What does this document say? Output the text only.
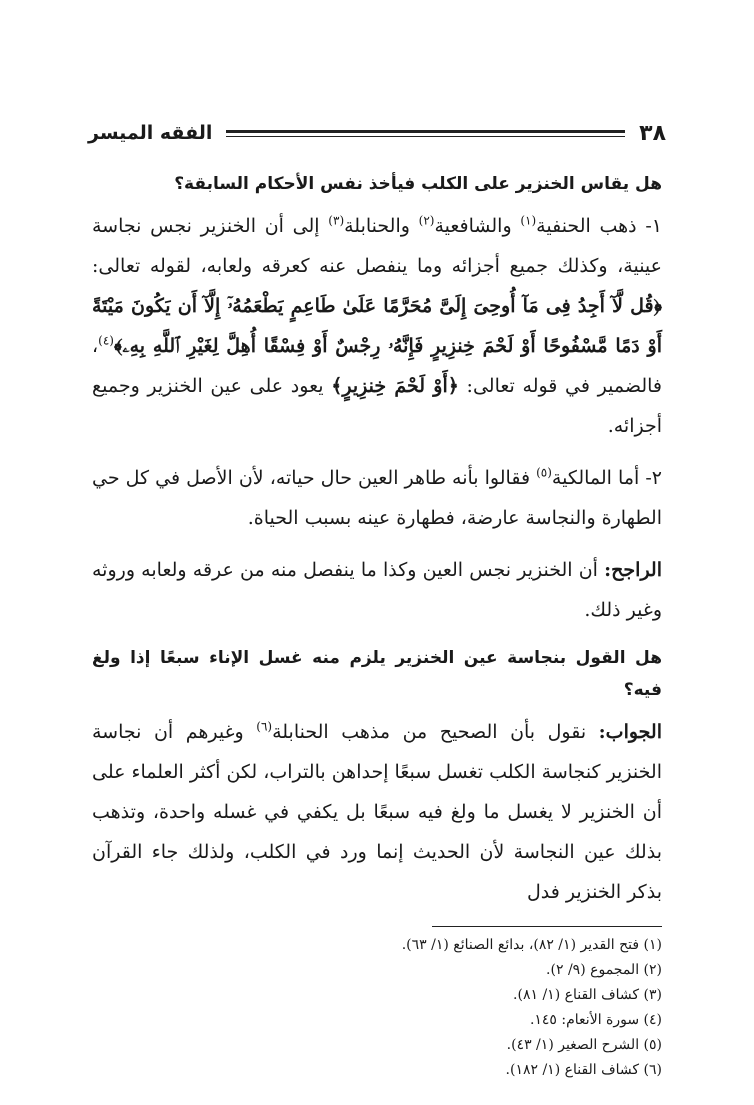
٣٨
الفقه الميسر
هل يقاس الخنزير على الكلب فيأخذ نفس الأحكام السابقة؟

١- ذهب الحنفية$^{(١)}$ والشافعية$^{(٢)}$ والحنابلة$^{(٣)}$ إلى أن الخنزير نجس نجاسة عينية، وكذلك جميع أجزائه وما ينفصل عنه كعرقه ولعابه، لقوله تعالى: ﴿قُل لَّآ أَجِدُ فِى مَآ أُوحِىَ إِلَىَّ مُحَرَّمًا عَلَىٰ طَاعِمٍ يَطْعَمُهُۥٓ إِلَّآ أَن يَكُونَ مَيْتَةً أَوْ دَمًا مَّسْفُوحًا أَوْ لَحْمَ خِنزِيرٍ فَإِنَّهُۥ رِجْسٌ أَوْ فِسْقًا أُهِلَّ لِغَيْرِ ٱللَّهِ بِهِۦ﴾$^{(٤)}$، فالضمير في قوله تعالى: ﴿أَوْ لَحْمَ خِنزِيرٍ﴾ يعود على عين الخنزير وجميع أجزائه.

٢- أما المالكية$^{(٥)}$ فقالوا بأنه طاهر العين حال حياته، لأن الأصل في كل حي الطهارة والنجاسة عارضة، فطهارة عينه بسبب الحياة.

الراجح: أن الخنزير نجس العين وكذا ما ينفصل منه من عرقه ولعابه وروثه وغير ذلك.

هل القول بنجاسة عين الخنزير يلزم منه غسل الإناء سبعًا إذا ولغ فيه؟

الجواب: نقول بأن الصحيح من مذهب الحنابلة$^{(٦)}$ وغيرهم أن نجاسة الخنزير كنجاسة الكلب تغسل سبعًا إحداهن بالتراب، لكن أكثر العلماء على أن الخنزير لا يغسل ما ولغ فيه سبعًا بل يكفي في غسله واحدة، وتذهب بذلك عين النجاسة لأن الحديث إنما ورد في الكلب، ولذلك جاء القرآن بذكر الخنزير فدل

(١) فتح القدير (١/ ٨٢)، بدائع الصنائع (١/ ٦٣).
(٢) المجموع (٩/ ٢).
(٣) كشاف القناع (١/ ٨١).
(٤) سورة الأنعام: ١٤٥.
(٥) الشرح الصغير (١/ ٤٣).
(٦) كشاف القناع (١/ ١٨٢).
